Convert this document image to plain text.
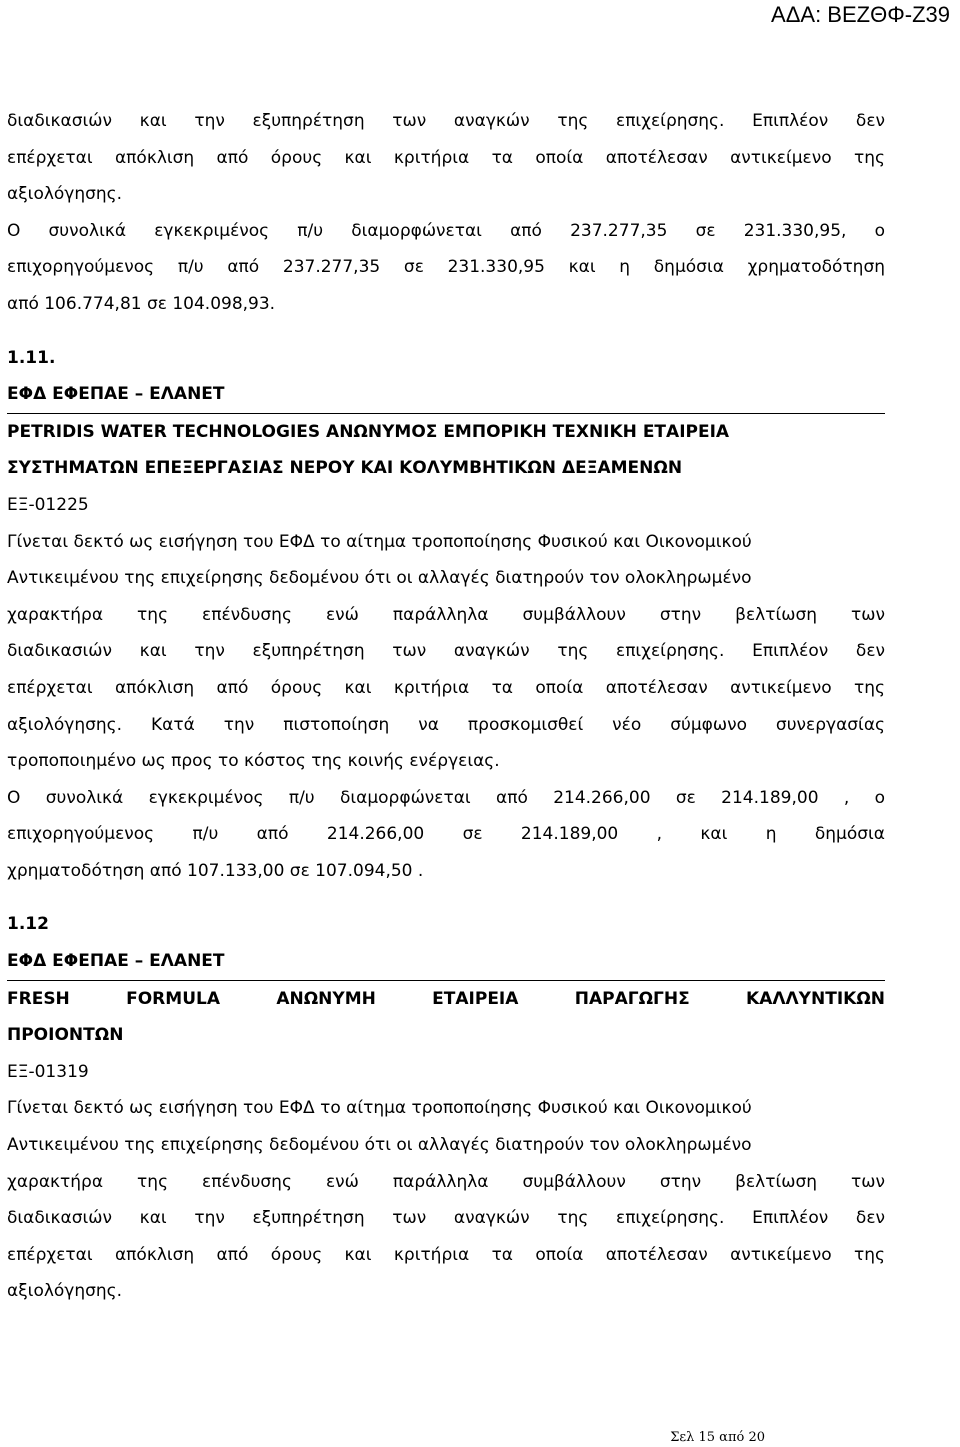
ΑΔΑ: ΒΕΖΘΦ-Ζ39

διαδικασιών και την εξυπηρέτηση των αναγκών της επιχείρησης. Επιπλέον δεν

επέρχεται απόκλιση από όρους και κριτήρια τα οποία αποτέλεσαν αντικείμενο της

αξιολόγησης.

Ο συνολικά εγκεκριμένος π/υ διαμορφώνεται από 237.277,35 σε 231.330,95, ο

επιχορηγούμενος π/υ από 237.277,35 σε 231.330,95 και η δημόσια χρηματοδότηση

από 106.774,81 σε 104.098,93.

1.11.
ΕΦΔ ΕΦΕΠΑΕ – ΕΛΑΝΕΤ
PETRIDIS WATER TECHNOLOGIES ΑΝΩΝΥΜΟΣ ΕΜΠΟΡΙΚΗ ΤΕΧΝΙΚΗ ΕΤΑΙΡΕΙΑ
ΣΥΣΤΗΜΑΤΩΝ ΕΠΕΞΕΡΓΑΣΙΑΣ ΝΕΡΟΥ ΚΑΙ ΚΟΛΥΜΒΗΤΙΚΩΝ ΔΕΞΑΜΕΝΩΝ
ΕΞ-01225

Γίνεται δεκτό ως εισήγηση του ΕΦΔ το αίτημα τροποποίησης Φυσικού και Οικονομικού

Αντικειμένου της επιχείρησης δεδομένου ότι οι αλλαγές διατηρούν τον ολοκληρωμένο

χαρακτήρα της επένδυσης ενώ παράλληλα συμβάλλουν στην βελτίωση των

διαδικασιών και την εξυπηρέτηση των αναγκών της επιχείρησης. Επιπλέον δεν

επέρχεται απόκλιση από όρους και κριτήρια τα οποία αποτέλεσαν αντικείμενο της

αξιολόγησης. Κατά την πιστοποίηση να προσκομισθεί νέο σύμφωνο συνεργασίας

τροποποιημένο ως προς το κόστος της κοινής ενέργειας.

Ο συνολικά εγκεκριμένος π/υ διαμορφώνεται από 214.266,00 σε 214.189,00 , ο

επιχορηγούμενος π/υ από 214.266,00 σε 214.189,00 , και η δημόσια

χρηματοδότηση από 107.133,00 σε 107.094,50 .

1.12
ΕΦΔ ΕΦΕΠΑΕ – ΕΛΑΝΕΤ
FRESH FORMULA ΑΝΩΝΥΜΗ ΕΤΑΙΡΕΙΑ ΠΑΡΑΓΩΓΗΣ ΚΑΛΛΥΝΤΙΚΩΝ
ΠΡΟΙΟΝΤΩΝ
ΕΞ-01319

Γίνεται δεκτό ως εισήγηση του ΕΦΔ το αίτημα τροποποίησης Φυσικού και Οικονομικού

Αντικειμένου της επιχείρησης δεδομένου ότι οι αλλαγές διατηρούν τον ολοκληρωμένο

χαρακτήρα της επένδυσης ενώ παράλληλα συμβάλλουν στην βελτίωση των

διαδικασιών και την εξυπηρέτηση των αναγκών της επιχείρησης. Επιπλέον δεν

επέρχεται απόκλιση από όρους και κριτήρια τα οποία αποτέλεσαν αντικείμενο της

αξιολόγησης.

Σελ 15 από 20
